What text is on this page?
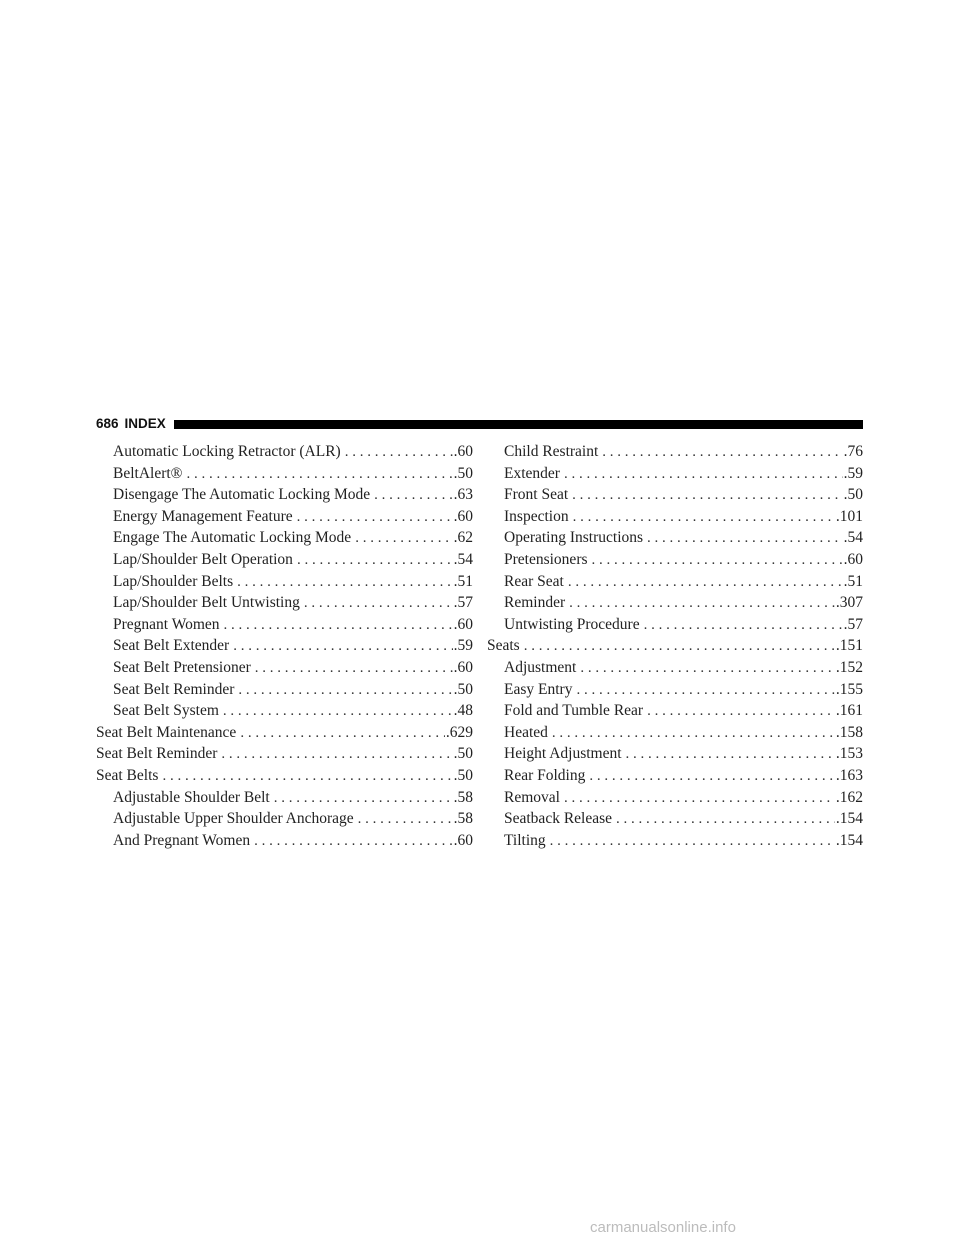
686 INDEX
Automatic Locking Retractor (ALR) . . .	.60
BeltAlert® . . .	.50
Disengage The Automatic Locking Mode . . .	.63
Energy Management Feature . . .	.60
Engage The Automatic Locking Mode . . .	.62
Lap/Shoulder Belt Operation . . .	.54
Lap/Shoulder Belts . . .	.51
Lap/Shoulder Belt Untwisting . . .	.57
Pregnant Women . . .	.60
Seat Belt Extender . . .	.59
Seat Belt Pretensioner . . .	.60
Seat Belt Reminder . . .	.50
Seat Belt System . . .	.48
Seat Belt Maintenance . . .	.629
Seat Belt Reminder . . .	.50
Seat Belts . . .	.50
Adjustable Shoulder Belt . . .	.58
Adjustable Upper Shoulder Anchorage . . .	.58
And Pregnant Women . . .	.60
Child Restraint . . .	.76
Extender . . .	.59
Front Seat . . .	.50
Inspection . . .	.101
Operating Instructions . . .	.54
Pretensioners . . .	.60
Rear Seat . . .	.51
Reminder . . .	.307
Untwisting Procedure . . .	.57
Seats . . .	.151
Adjustment . . .	.152
Easy Entry . . .	.155
Fold and Tumble Rear . . .	.161
Heated . . .	.158
Height Adjustment . . .	.153
Rear Folding . . .	.163
Removal . . .	.162
Seatback Release . . .	.154
Tilting . . .	.154
carmanualsonline.info
